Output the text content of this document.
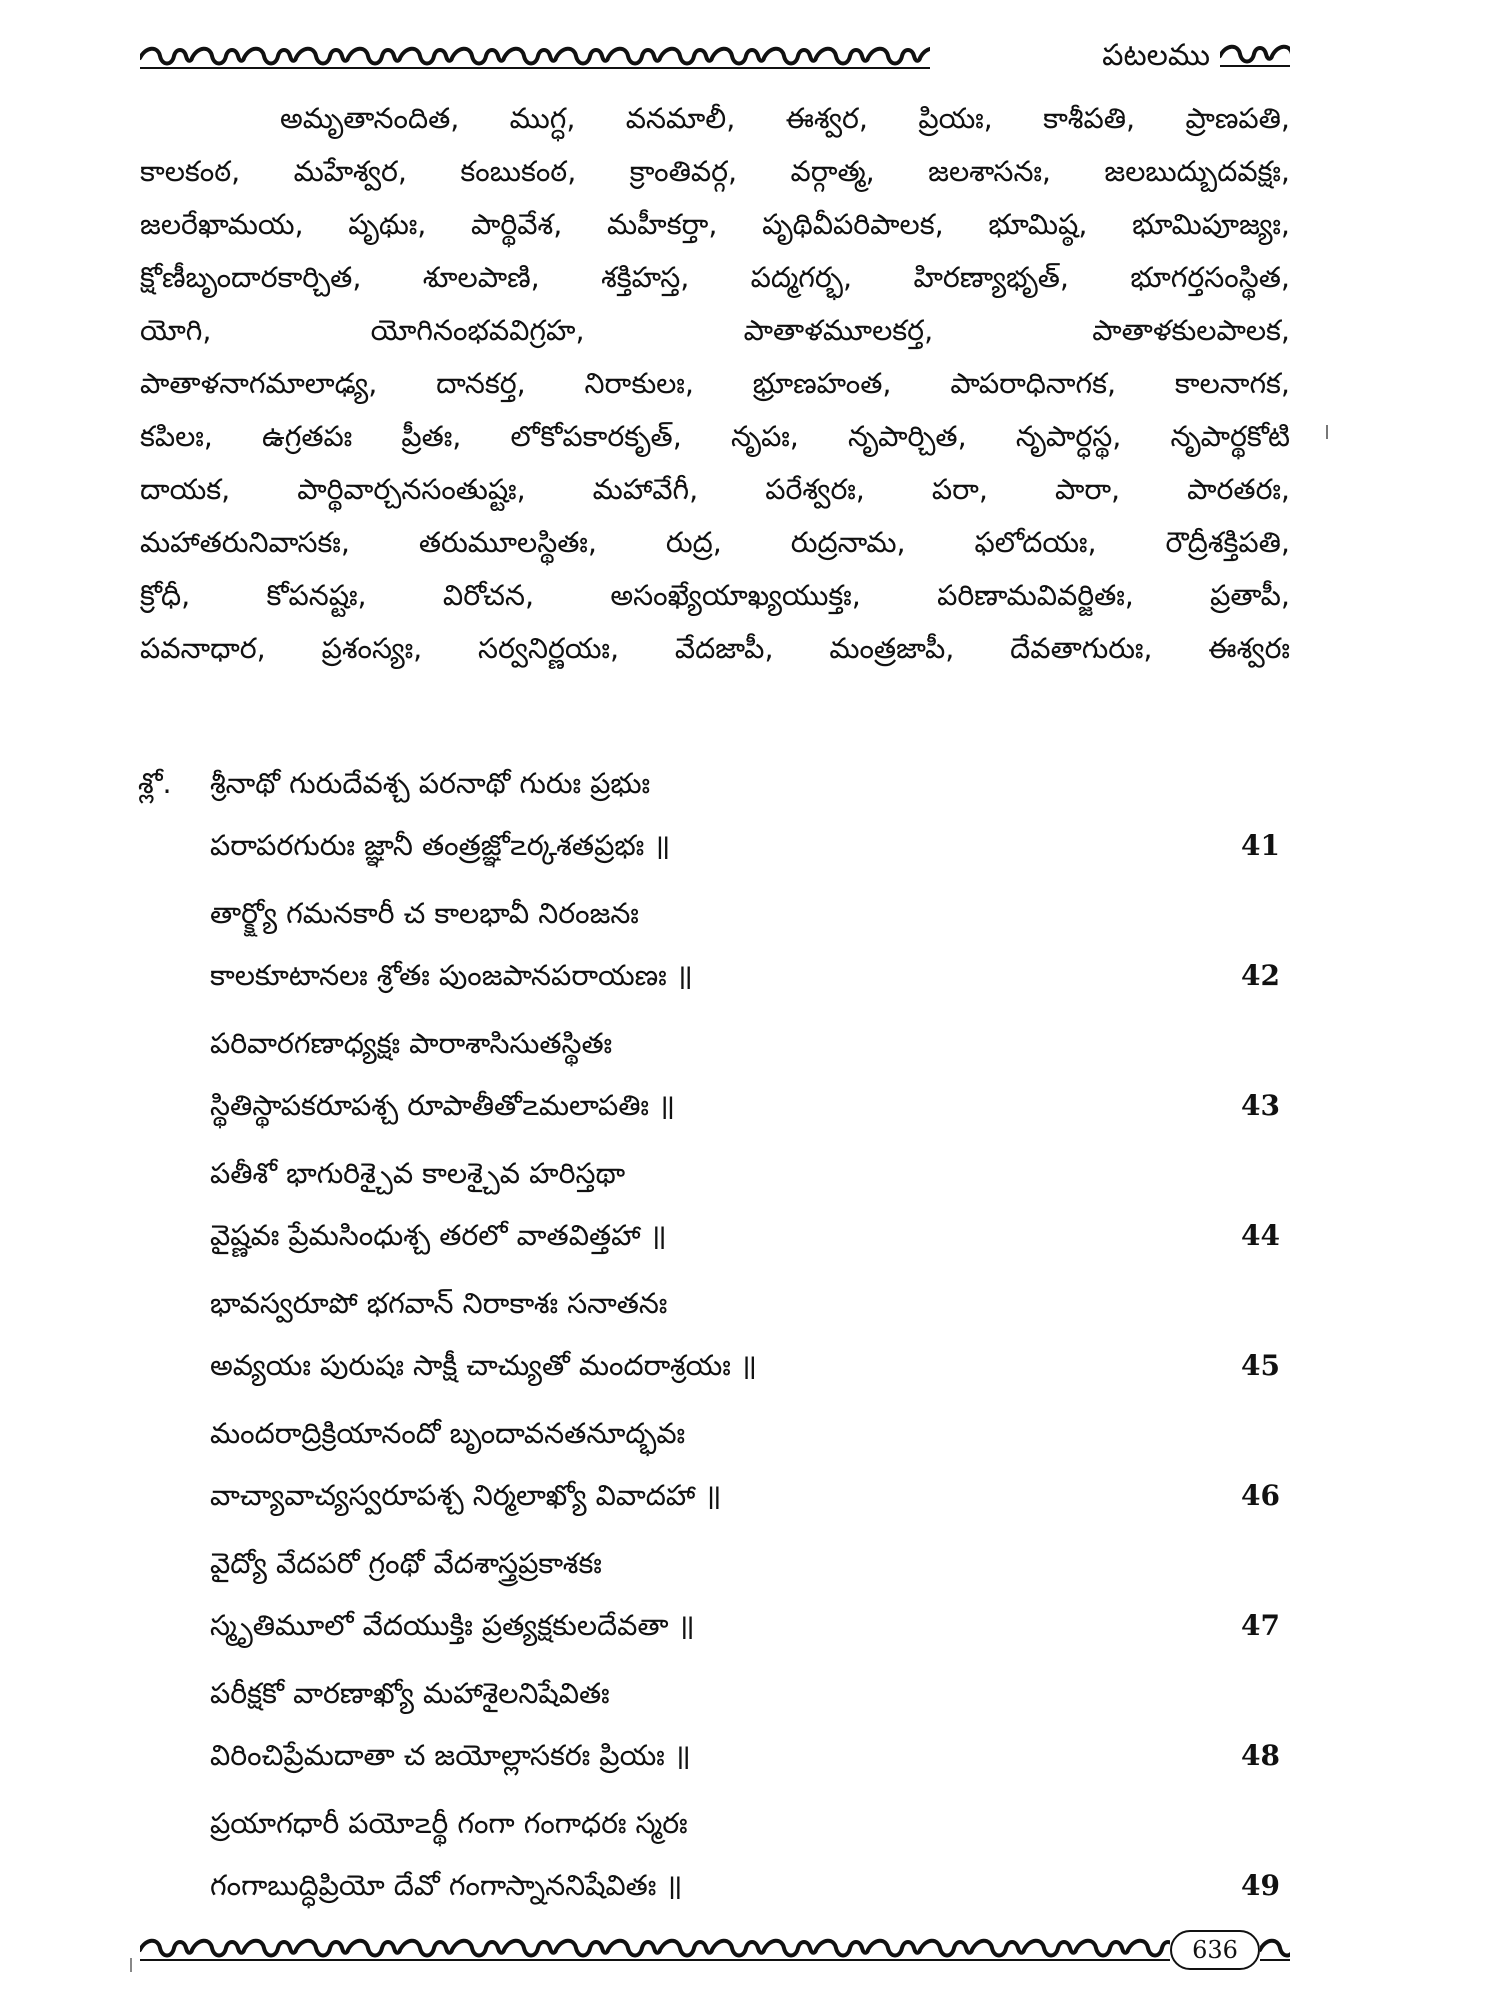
పటలము
అమృతానందిత, ముగ్ధ, వనమాలీ, ఈశ్వర, ప్రియః, కాశీపతి, ప్రాణపతి,
కాలకంఠ, మహేశ్వర, కంబుకంఠ, క్రాంతివర్గ, వర్గాత్మ, జలశాసనః, జలబుద్బుదవక్షః,
జలరేఖామయ, పృథుః, పార్థివేశ, మహీకర్తా, పృథివీపరిపాలక, భూమిష్ఠ, భూమిపూజ్యః,
క్షోణీబృందారకార్చిత, శూలపాణి, శక్తిహస్త, పద్మగర్భ, హిరణ్యాభృత్, భూగర్తసంస్థిత,
యోగి, యోగినంభవవిగ్రహ, పాతాళమూలకర్త, పాతాళకులపాలక,
పాతాళనాగమాలాఢ్య, దానకర్త, నిరాకులః, భ్రూణహంత, పాపరాధినాగక, కాలనాగక,
కపిలః, ఉగ్రతపః ప్రీతః, లోకోపకారకృత్, నృపః, నృపార్చిత, నృపార్ధస్థ, నృపార్థకోటి
దాయక, పార్థివార్చనసంతుష్టః, మహావేగీ, పరేశ్వరః, పరా, పారా, పారతరః,
మహాతరునివాసకః, తరుమూలస్థితః, రుద్ర, రుద్రనామ, ఫలోదయః, రౌద్రీశక్తిపతి,
క్రోధీ, కోపనష్టః, విరోచన, అసంఖ్యేయాఖ్యయుక్తః, పరిణామవివర్జితః, ప్రతాపీ,
పవనాధార, ప్రశంస్యః, సర్వనిర్ణయః, వేదజాపీ, మంత్రజాపీ, దేవతాగురుః, ఈశ్వరః
శ్లో. శ్రీనాథో గురుదేవశ్చ పరనాథో గురుః ప్రభుః
పరాపరగురుః జ్ఞానీ తంత్రజ్ఞో౽ర్కశతప్రభః ॥	41
తార్క్ష్యో గమనకారీ చ కాలభావీ నిరంజనః
కాలకూటానలః శ్రోతః పుంజపానపరాయణః ॥	42
పరివారగణాధ్యక్షః పారాశాసిసుతస్థితః
స్థితిస్థాపకరూపశ్చ రూపాతీతో౽మలాపతిః ॥	43
పతీశో భాగురిశ్చైవ కాలశ్చైవ హరిస్తథా
వైష్ణవః ప్రేమసింధుశ్చ తరలో వాతవిత్తహా ॥	44
భావస్వరూపో భగవాన్ నిరాకాశః సనాతనః
అవ్యయః పురుషః సాక్షీ చాచ్యుతో మందరాశ్రయః ॥	45
మందరాద్రిక్రియానందో బృందావనతనూద్భవః
వాచ్యావాచ్యస్వరూపశ్చ నిర్మలాఖ్యో వివాదహా ॥	46
వైద్యో వేదపరో గ్రంథో వేదశాస్త్రప్రకాశకః
స్మృతిమూలో వేదయుక్తిః ప్రత్యక్షకులదేవతా ॥	47
పరీక్షకో వారణాఖ్యో మహాశైలనిషేవితః
విరించిప్రేమదాతా చ జయోల్లాసకరః ప్రియః ॥	48
ప్రయాగధారీ పయో౽ర్థీ గంగా గంగాధరః స్మరః
గంగాబుద్ధిప్రియో దేవో గంగాస్నాననిషేవితః ॥	49
636
